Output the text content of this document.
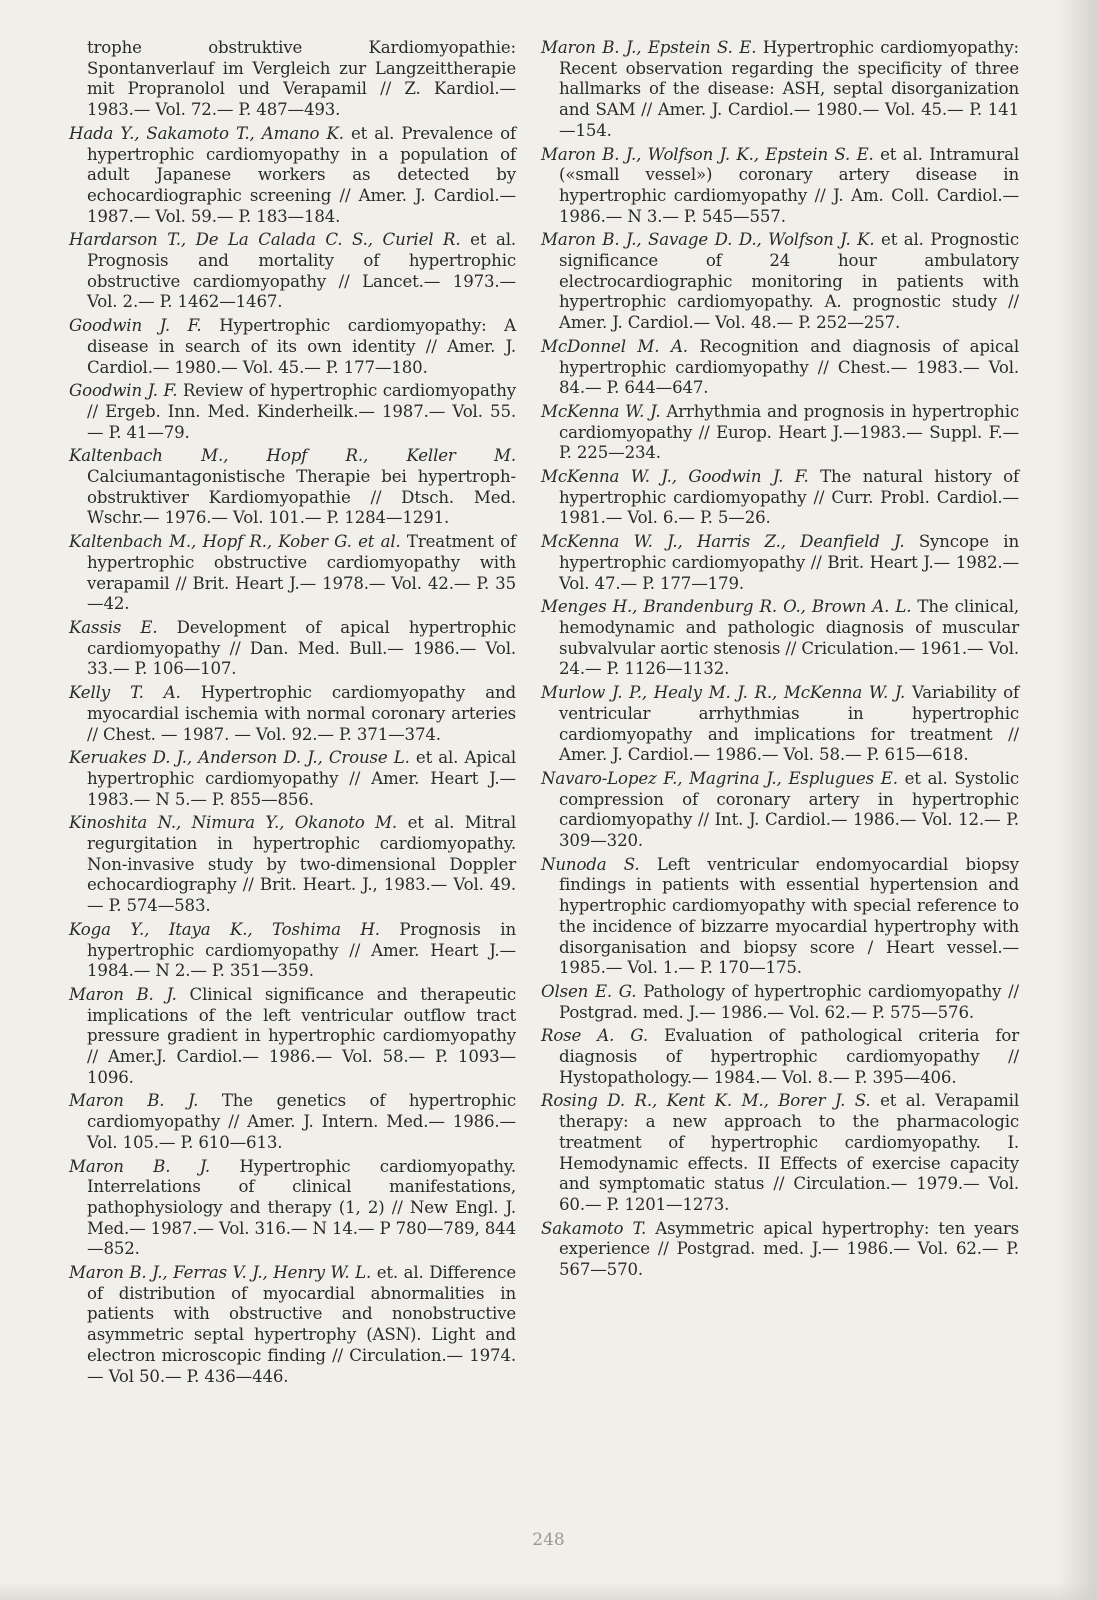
trophe obstruktive Kardiomyopathie: Spontanverlauf im Vergleich zur Langzeittherapie mit Propranolol und Verapamil // Z. Kardiol.— 1983.— Vol. 72.— P. 487—493.

Hada Y., Sakamoto T., Amano K. et al. Prevalence of hypertrophic cardiomyopathy in a population of adult Japanese workers as detected by echocardiographic screening // Amer. J. Cardiol.— 1987.— Vol. 59.— P. 183—184.

Hardarson T., De La Calada C. S., Curiel R. et al. Prognosis and mortality of hypertrophic obstructive cardiomyopathy // Lancet.— 1973.— Vol. 2.— P. 1462—1467.

Goodwin J. F. Hypertrophic cardiomyopathy: A disease in search of its own identity // Amer. J. Cardiol.— 1980.— Vol. 45.— P. 177—180.

Goodwin J. F. Review of hypertrophic cardiomyopathy // Ergeb. Inn. Med. Kinderheilk.— 1987.— Vol. 55.— P. 41—79.

Kaltenbach M., Hopf R., Keller M. Calciumantagonistische Therapie bei hypertroph-obstruktiver Kardiomyopathie // Dtsch. Med. Wschr.— 1976.— Vol. 101.— P. 1284—1291.

Kaltenbach M., Hopf R., Kober G. et al. Treatment of hypertrophic obstructive cardiomyopathy with verapamil // Brit. Heart J.— 1978.— Vol. 42.— P. 35—42.

Kassis E. Development of apical hypertrophic cardiomyopathy // Dan. Med. Bull.— 1986.— Vol. 33.— P. 106—107.

Kelly T. A. Hypertrophic cardiomyopathy and myocardial ischemia with normal coronary arteries // Chest. — 1987. — Vol. 92.— P. 371—374.

Keruakes D. J., Anderson D. J., Crouse L. et al. Apical hypertrophic cardiomyopathy // Amer. Heart J.— 1983.— N 5.— P. 855—856.

Kinoshita N., Nimura Y., Okanoto M. et al. Mitral regurgitation in hypertrophic cardiomyopathy. Non-invasive study by two-dimensional Doppler echocardiography // Brit. Heart. J., 1983.— Vol. 49.— P. 574—583.

Koga Y., Itaya K., Toshima H. Prognosis in hypertrophic cardiomyopathy // Amer. Heart J.— 1984.— N 2.— P. 351—359.

Maron B. J. Clinical significance and therapeutic implications of the left ventricular outflow tract pressure gradient in hypertrophic cardiomyopathy // Amer.J. Cardiol.— 1986.— Vol. 58.— P. 1093—1096.

Maron B. J. The genetics of hypertrophic cardiomyopathy // Amer. J. Intern. Med.— 1986.— Vol. 105.— P. 610—613.

Maron B. J. Hypertrophic cardiomyopathy. Interrelations of clinical manifestations, pathophysiology and therapy (1, 2) // New Engl. J. Med.— 1987.— Vol. 316.— N 14.— P 780—789, 844—852.

Maron B. J., Ferras V. J., Henry W. L. et. al. Difference of distribution of myocardial abnormalities in patients with obstructive and nonobstructive asymmetric septal hypertrophy (ASN). Light and electron microscopic finding // Circulation.— 1974.— Vol 50.— P. 436—446.

Maron B. J., Epstein S. E. Hypertrophic cardiomyopathy: Recent observation regarding the specificity of three hallmarks of the disease: ASH, septal disorganization and SAM // Amer. J. Cardiol.— 1980.— Vol. 45.— P. 141—154.

Maron B. J., Wolfson J. K., Epstein S. E. et al. Intramural («small vessel») coronary artery disease in hypertrophic cardiomyopathy // J. Am. Coll. Cardiol.— 1986.— N 3.— P. 545—557.

Maron B. J., Savage D. D., Wolfson J. K. et al. Prognostic significance of 24 hour ambulatory electrocardiographic monitoring in patients with hypertrophic cardiomyopathy. A. prognostic study // Amer. J. Cardiol.— Vol. 48.— P. 252—257.

McDonnel M. A. Recognition and diagnosis of apical hypertrophic cardiomyopathy // Chest.— 1983.— Vol. 84.— P. 644—647.

McKenna W. J. Arrhythmia and prognosis in hypertrophic cardiomyopathy // Europ. Heart J.—1983.— Suppl. F.— P. 225—234.

McKenna W. J., Goodwin J. F. The natural history of hypertrophic cardiomyopathy // Curr. Probl. Cardiol.— 1981.— Vol. 6.— P. 5—26.

McKenna W. J., Harris Z., Deanfield J. Syncope in hypertrophic cardiomyopathy // Brit. Heart J.— 1982.— Vol. 47.— P. 177—179.

Menges H., Brandenburg R. O., Brown A. L. The clinical, hemodynamic and pathologic diagnosis of muscular subvalvular aortic stenosis // Criculation.— 1961.— Vol. 24.— P. 1126—1132.

Murlow J. P., Healy M. J. R., McKenna W. J. Variability of ventricular arrhythmias in hypertrophic cardiomyopathy and implications for treatment // Amer. J. Cardiol.— 1986.— Vol. 58.— P. 615—618.

Navaro-Lopez F., Magrina J., Esplugues E. et al. Systolic compression of coronary artery in hypertrophic cardiomyopathy // Int. J. Cardiol.— 1986.— Vol. 12.— P. 309—320.

Nunoda S. Left ventricular endomyocardial biopsy findings in patients with essential hypertension and hypertrophic cardiomyopathy with special reference to the incidence of bizzarre myocardial hypertrophy with disorganisation and biopsy score / Heart vessel.— 1985.— Vol. 1.— P. 170—175.

Olsen E. G. Pathology of hypertrophic cardiomyopathy // Postgrad. med. J.— 1986.— Vol. 62.— P. 575—576.

Rose A. G. Evaluation of pathological criteria for diagnosis of hypertrophic cardiomyopathy // Hystopathology.— 1984.— Vol. 8.— P. 395—406.

Rosing D. R., Kent K. M., Borer J. S. et al. Verapamil therapy: a new approach to the pharmacologic treatment of hypertrophic cardiomyopathy. I. Hemodynamic effects. II Effects of exercise capacity and symptomatic status // Circulation.— 1979.— Vol. 60.— P. 1201—1273.

Sakamoto T. Asymmetric apical hypertrophy: ten years experience // Postgrad. med. J.— 1986.— Vol. 62.— P. 567—570.

248
